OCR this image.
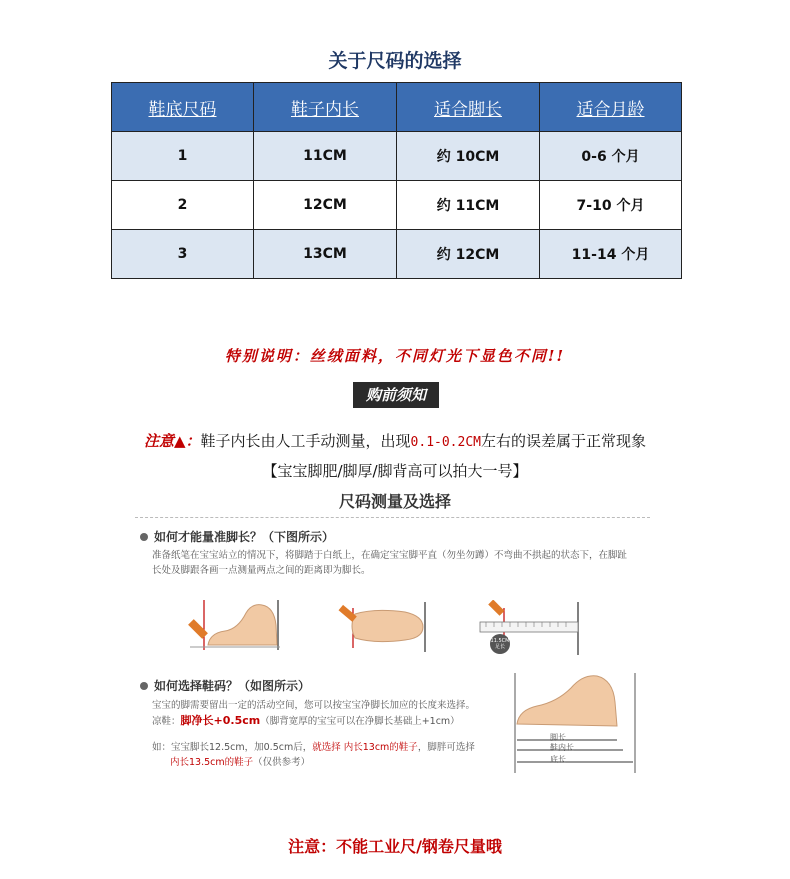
关于尺码的选择
鞋底尺码	鞋子内长	适合脚长	适合月龄
1	11CM	约 10CM	0-6 个月
2	12CM	约 11CM	7-10 个月
3	13CM	约 12CM	11-14 个月
特别说明：丝绒面料，不同灯光下显色不同!!
购前须知
注意▲：鞋子内长由人工手动测量，出现0.1-0.2CM左右的误差属于正常现象
【宝宝脚肥/脚厚/脚背高可以拍大一号】
尺码测量及选择
如何才能量准脚长？（下图所示）
准备纸笔在宝宝站立的情况下，将脚踏于白纸上，在确定宝宝脚平直（勿坐勿蹲）不弯曲不拱起的状态下，在脚趾
长处及脚跟各画一点测量两点之间的距离即为脚长。
11.5CM 足长
如何选择鞋码？（如图所示）
宝宝的脚需要留出一定的活动空间，您可以按宝宝净脚长加应的长度来选择。
凉鞋：脚净长+0.5cm（脚背宽厚的宝宝可以在净脚长基础上+1cm）
如：宝宝脚长12.5cm，加0.5cm后，就选择 内长13cm的鞋子，脚胖可选择
内长13.5cm的鞋子（仅供参考）
脚长
鞋内长
底长
注意：不能工业尺/钢卷尺量哦
